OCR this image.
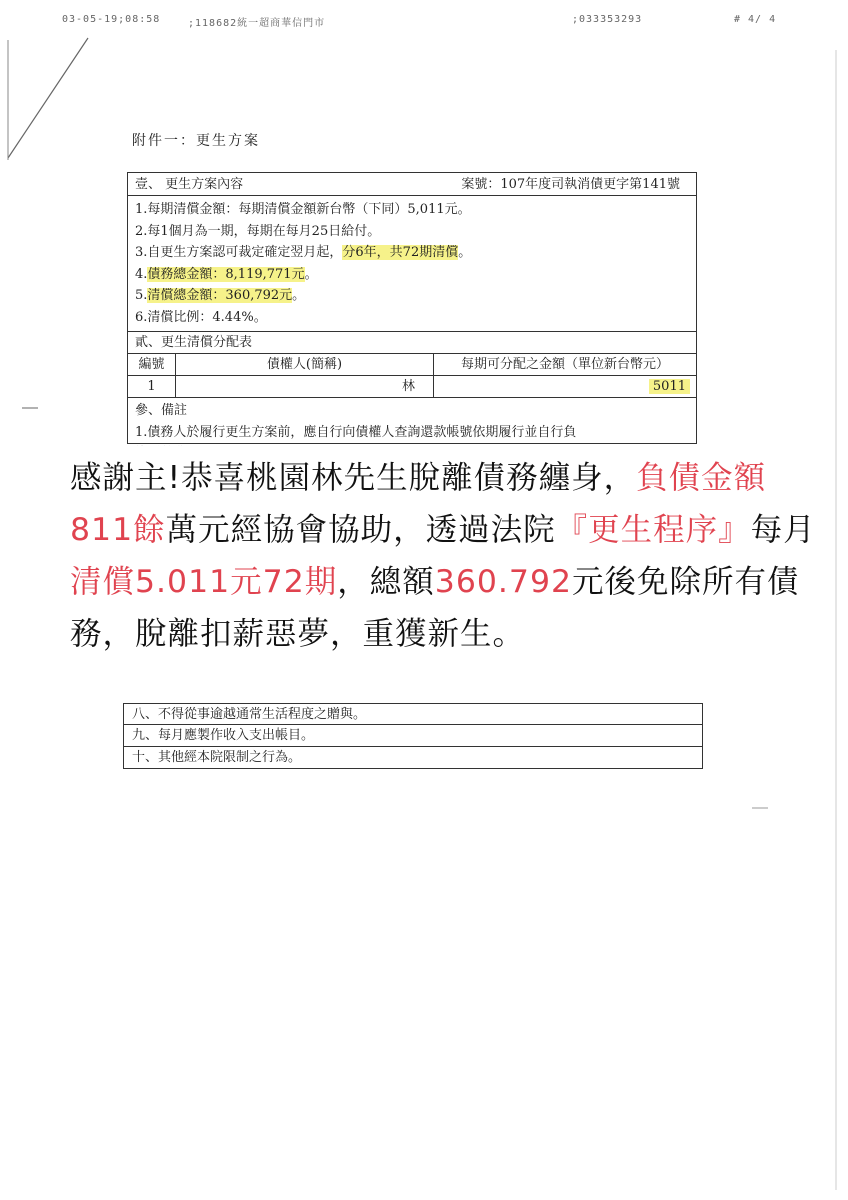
03-05-19;08:58	;118682統一超商華信門市	;033353293	# 4/ 4
附件一：更生方案
壹、 更生方案內容	案號：107年度司執消債更字第141號
1.每期清償金額：每期清償金額新台幣（下同）5,011元。
2.每1個月為一期，每期在每月25日給付。
3.自更生方案認可裁定確定翌月起，分6年，共72期清償。
4.債務總金額：8,119,771元。
5.清償總金額：360,792元。
6.清償比例：4.44%。
貳、更生清償分配表
編號	債權人(簡稱)	每期可分配之金額（單位新台幣元）
1	林	5011
參、備註
1.債務人於履行更生方案前，應自行向債權人查詢還款帳號依期履行並自行負
感謝主!恭喜桃園林先生脫離債務纏身，負債金額811餘萬元經協會協助，透過法院『更生程序』每月清償5.011元72期，總額360.792元後免除所有債務，脫離扣薪惡夢，重獲新生。
八、不得從事逾越通常生活程度之贈與。
九、每月應製作收入支出帳目。
十、其他經本院限制之行為。
